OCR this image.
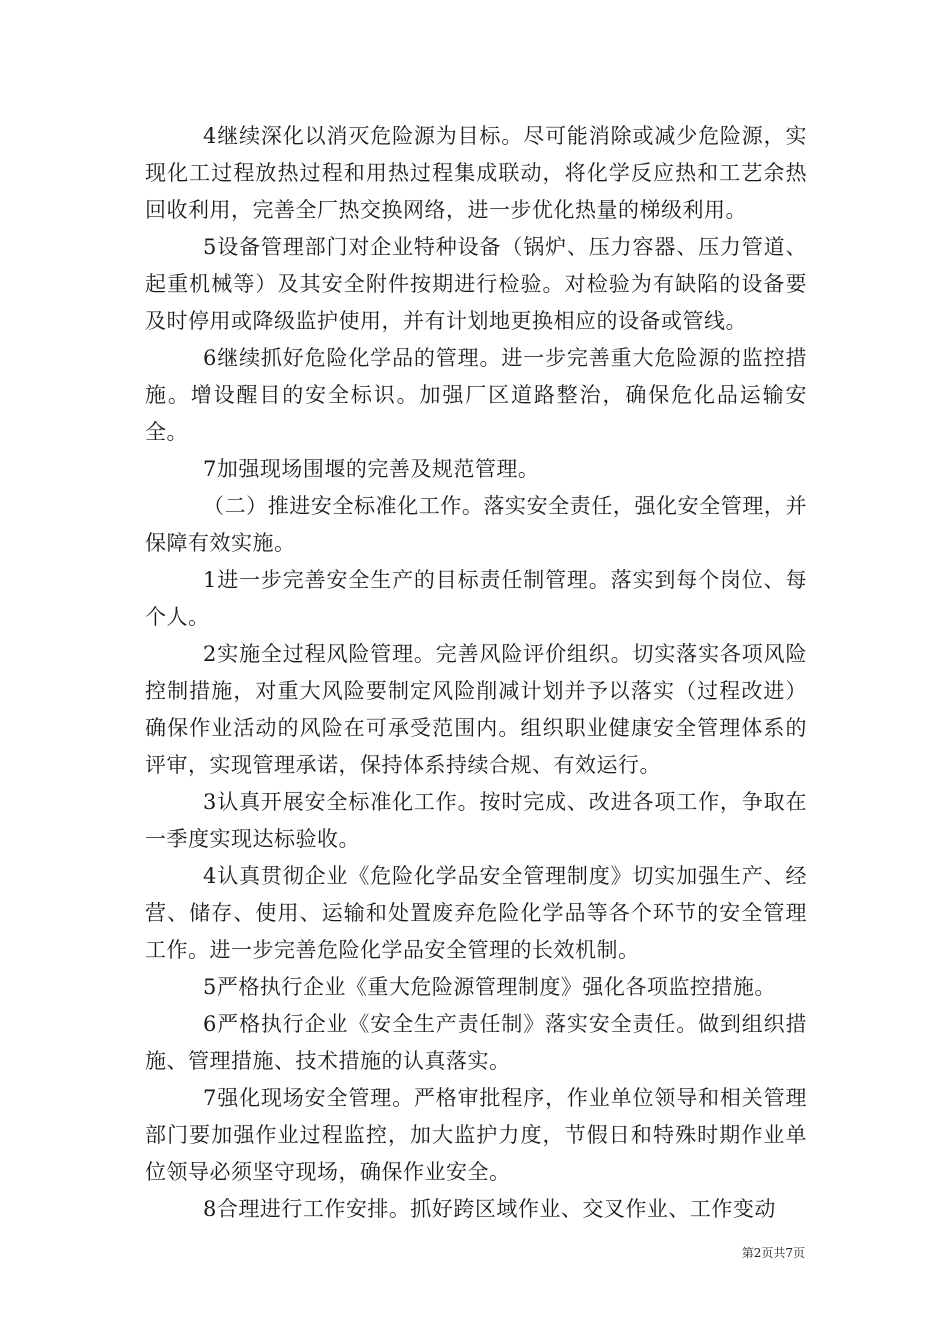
4继续深化以消灭危险源为目标。尽可能消除或减少危险源，实现化工过程放热过程和用热过程集成联动，将化学反应热和工艺余热回收利用，完善全厂热交换网络，进一步优化热量的梯级利用。

5设备管理部门对企业特种设备（锅炉、压力容器、压力管道、起重机械等）及其安全附件按期进行检验。对检验为有缺陷的设备要及时停用或降级监护使用，并有计划地更换相应的设备或管线。

6继续抓好危险化学品的管理。进一步完善重大危险源的监控措施。增设醒目的安全标识。加强厂区道路整治，确保危化品运输安全。

7加强现场围堰的完善及规范管理。

（二）推进安全标准化工作。落实安全责任，强化安全管理，并保障有效实施。

1进一步完善安全生产的目标责任制管理。落实到每个岗位、每个人。

2实施全过程风险管理。完善风险评价组织。切实落实各项风险控制措施，对重大风险要制定风险削减计划并予以落实（过程改进）确保作业活动的风险在可承受范围内。组织职业健康安全管理体系的评审，实现管理承诺，保持体系持续合规、有效运行。

3认真开展安全标准化工作。按时完成、改进各项工作，争取在一季度实现达标验收。

4认真贯彻企业《危险化学品安全管理制度》切实加强生产、经营、储存、使用、运输和处置废弃危险化学品等各个环节的安全管理工作。进一步完善危险化学品安全管理的长效机制。

5严格执行企业《重大危险源管理制度》强化各项监控措施。

6严格执行企业《安全生产责任制》落实安全责任。做到组织措施、管理措施、技术措施的认真落实。

7强化现场安全管理。严格审批程序，作业单位领导和相关管理部门要加强作业过程监控，加大监护力度，节假日和特殊时期作业单位领导必须坚守现场，确保作业安全。

8合理进行工作安排。抓好跨区域作业、交叉作业、工作变动

第2页共7页
